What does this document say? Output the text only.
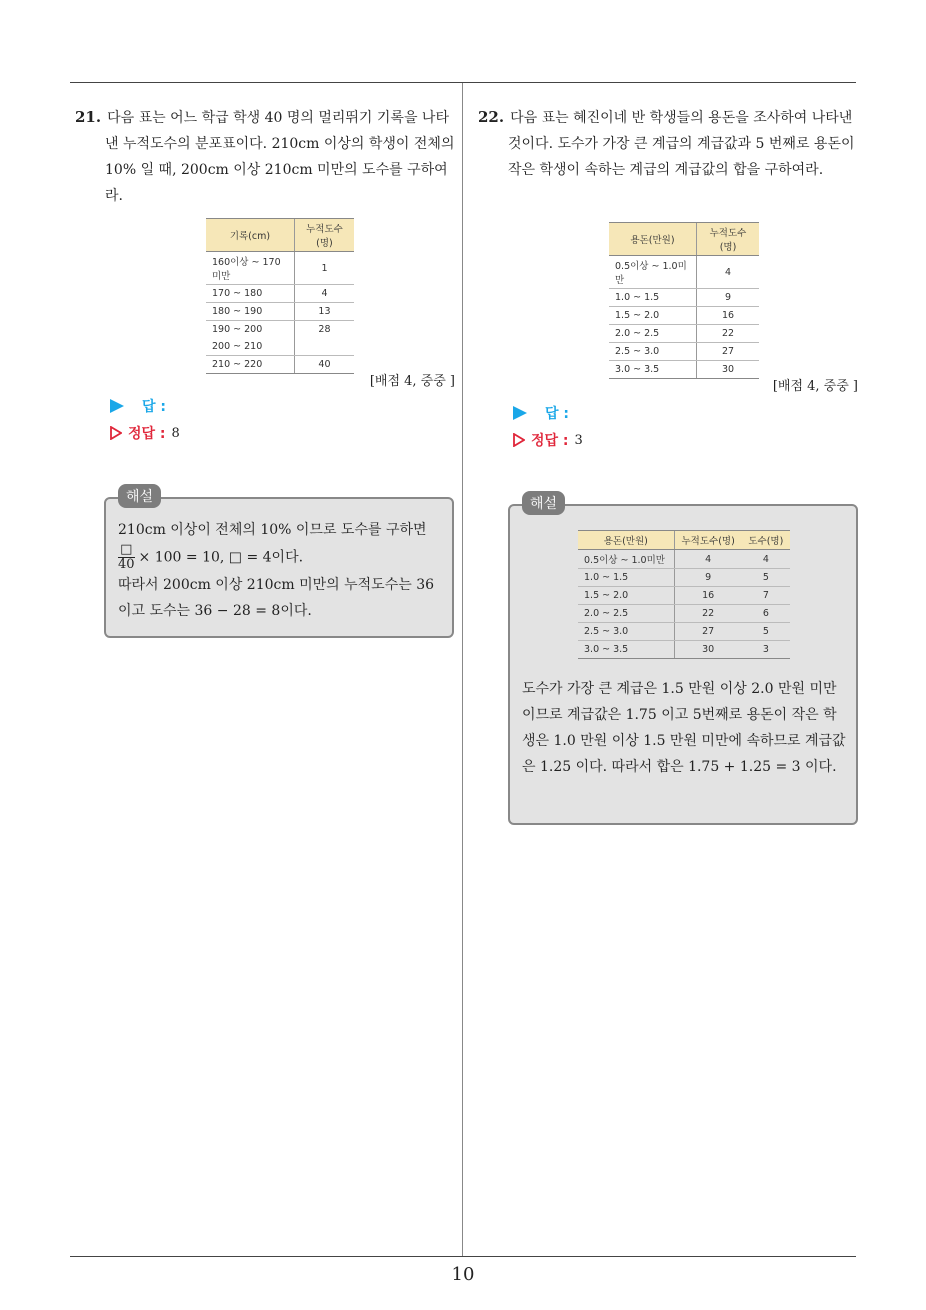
21. 다음 표는 어느 학급 학생 40 명의 멀리뛰기 기록을 나타낸 누적도수의 분포표이다. 210cm 이상의 학생이 전체의 10% 일 때, 200cm 이상 210cm 미만의 도수를 구하여라.

기록(cm)	누적도수(명)
160이상 ~ 170미만	1
170 ~ 180	4
180 ~ 190	13
190 ~ 200	28
200 ~ 210	
210 ~ 220	40
[배점 4, 중중 ]
답 :
정답 : 8
210cm 이상이 전체의 10% 이므로 도수를 구하면
$\frac{□}{40} \times 100 = 10$, □ = 4이다.
따라서 200cm 이상 210cm 미만의 누적도수는 36
이고 도수는 36 − 28 = 8이다.
해설

22. 다음 표는 혜진이네 반 학생들의 용돈을 조사하여 나타낸 것이다. 도수가 가장 큰 계급의 계급값과 5 번째로 용돈이 작은 학생이 속하는 계급의 계급값의 합을 구하여라.

용돈(만원)	누적도수(명)
0.5이상 ~ 1.0미만	4
1.0 ~ 1.5	9
1.5 ~ 2.0	16
2.0 ~ 2.5	22
2.5 ~ 3.0	27
3.0 ~ 3.5	30
[배점 4, 중중 ]
답 :
정답 : 3
용돈(만원)	누적도수(명)	도수(명)
0.5이상 ~ 1.0미만	4	4
1.0 ~ 1.5	9	5
1.5 ~ 2.0	16	7
2.0 ~ 2.5	22	6
2.5 ~ 3.0	27	5
3.0 ~ 3.5	30	3
도수가 가장 큰 계급은 1.5 만원 이상 2.0 만원 미만이므로 계급값은 1.75 이고 5번째로 용돈이 작은 학생은 1.0 만원 이상 1.5 만원 미만에 속하므로 계급값은 1.25 이다. 따라서 합은 1.75 + 1.25 = 3 이다.
해설
10
